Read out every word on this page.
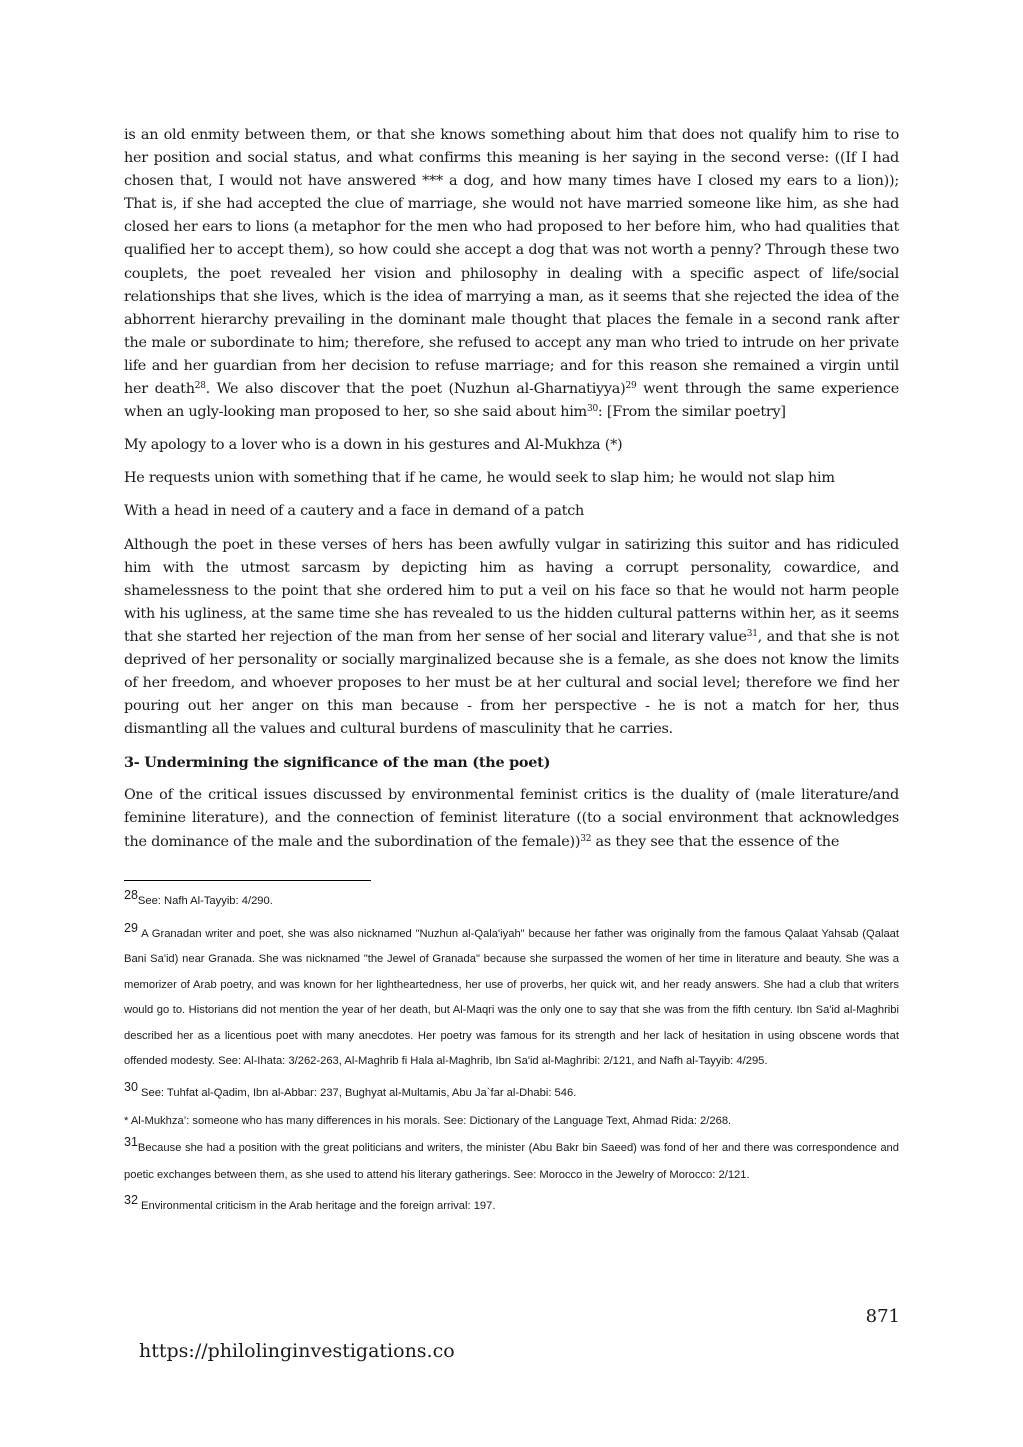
is an old enmity between them, or that she knows something about him that does not qualify him to rise to her position and social status, and what confirms this meaning is her saying in the second verse: ((If I had chosen that, I would not have answered *** a dog, and how many times have I closed my ears to a lion)); That is, if she had accepted the clue of marriage, she would not have married someone like him, as she had closed her ears to lions (a metaphor for the men who had proposed to her before him, who had qualities that qualified her to accept them), so how could she accept a dog that was not worth a penny? Through these two couplets, the poet revealed her vision and philosophy in dealing with a specific aspect of life/social relationships that she lives, which is the idea of marrying a man, as it seems that she rejected the idea of the abhorrent hierarchy prevailing in the dominant male thought that places the female in a second rank after the male or subordinate to him; therefore, she refused to accept any man who tried to intrude on her private life and her guardian from her decision to refuse marriage; and for this reason she remained a virgin until her death$^{28}$. We also discover that the poet (Nuzhun al-Gharnatiyya)$^{29}$ went through the same experience when an ugly-looking man proposed to her, so she said about him$^{30}$: [From the similar poetry]

My apology to a lover who is a down in his gestures and Al-Mukhza (*)

He requests union with something that if he came, he would seek to slap him; he would not slap him

With a head in need of a cautery and a face in demand of a patch

Although the poet in these verses of hers has been awfully vulgar in satirizing this suitor and has ridiculed him with the utmost sarcasm by depicting him as having a corrupt personality, cowardice, and shamelessness to the point that she ordered him to put a veil on his face so that he would not harm people with his ugliness, at the same time she has revealed to us the hidden cultural patterns within her, as it seems that she started her rejection of the man from her sense of her social and literary value$^{31}$, and that she is not deprived of her personality or socially marginalized because she is a female, as she does not know the limits of her freedom, and whoever proposes to her must be at her cultural and social level; therefore we find her pouring out her anger on this man because - from her perspective - he is not a match for her, thus dismantling all the values and cultural burdens of masculinity that he carries.

3- Undermining the significance of the man (the poet)

One of the critical issues discussed by environmental feminist critics is the duality of (male literature/and feminine literature), and the connection of feminist literature ((to a social environment that acknowledges the dominance of the male and the subordination of the female))$^{32}$ as they see that the essence of the

28See: Nafh Al-Tayyib: 4/290.

29 A Granadan writer and poet, she was also nicknamed "Nuzhun al-Qala'iyah" because her father was originally from the famous Qalaat Yahsab (Qalaat Bani Sa'id) near Granada. She was nicknamed "the Jewel of Granada" because she surpassed the women of her time in literature and beauty. She was a memorizer of Arab poetry, and was known for her lightheartedness, her use of proverbs, her quick wit, and her ready answers. She had a club that writers would go to. Historians did not mention the year of her death, but Al-Maqri was the only one to say that she was from the fifth century. Ibn Sa'id al-Maghribi described her as a licentious poet with many anecdotes. Her poetry was famous for its strength and her lack of hesitation in using obscene words that offended modesty. See: Al-Ihata: 3/262-263, Al-Maghrib fi Hala al-Maghrib, Ibn Sa'id al-Maghribi: 2/121, and Nafh al-Tayyib: 4/295.

30 See: Tuhfat al-Qadim, Ibn al-Abbar: 237, Bughyat al-Multamis, Abu Ja`far al-Dhabi: 546.

* Al-Mukhza’: someone who has many differences in his morals. See: Dictionary of the Language Text, Ahmad Rida: 2/268.

31Because she had a position with the great politicians and writers, the minister (Abu Bakr bin Saeed) was fond of her and there was correspondence and poetic exchanges between them, as she used to attend his literary gatherings. See: Morocco in the Jewelry of Morocco: 2/121.

32 Environmental criticism in the Arab heritage and the foreign arrival: 197.

871
https://philolinginvestigations.co
